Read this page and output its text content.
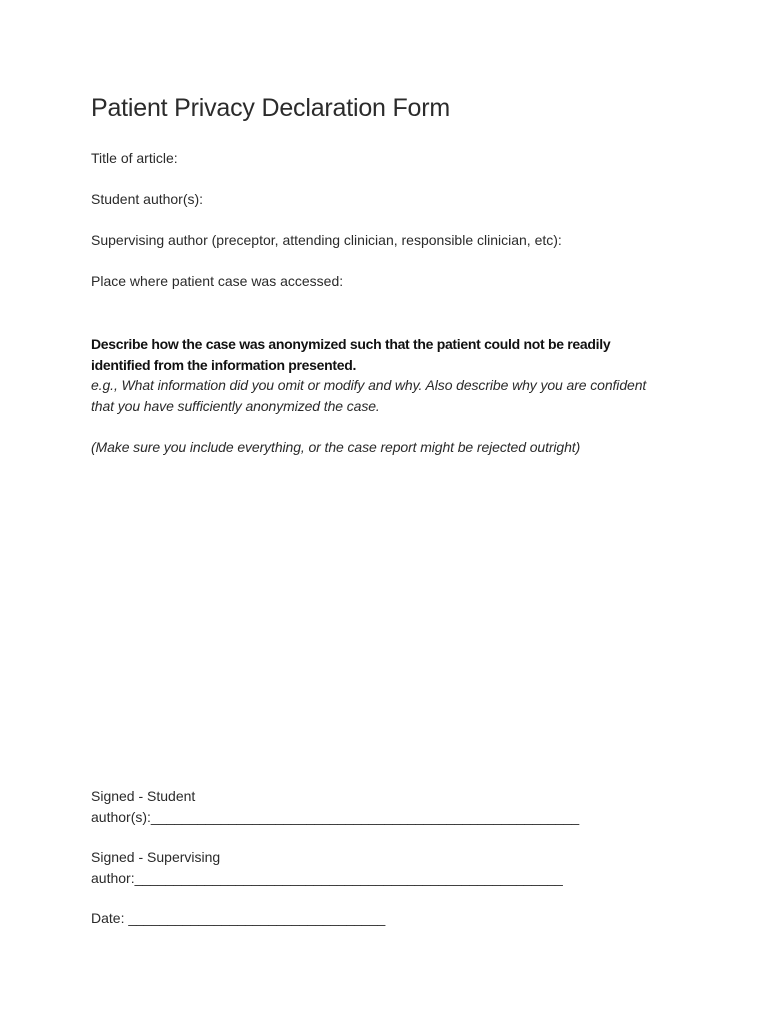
Patient Privacy Declaration Form
Title of article:
Student author(s):
Supervising author (preceptor, attending clinician, responsible clinician, etc):
Place where patient case was accessed:
Describe how the case was anonymized such that the patient could not be readily identified from the information presented.
e.g., What information did you omit or modify and why. Also describe why you are confident that you have sufficiently anonymized the case.
(Make sure you include everything, or the case report might be rejected outright)
Signed - Student
author(s):_______________________________________________________
Signed - Supervising
author:_______________________________________________________
Date: _________________________________
